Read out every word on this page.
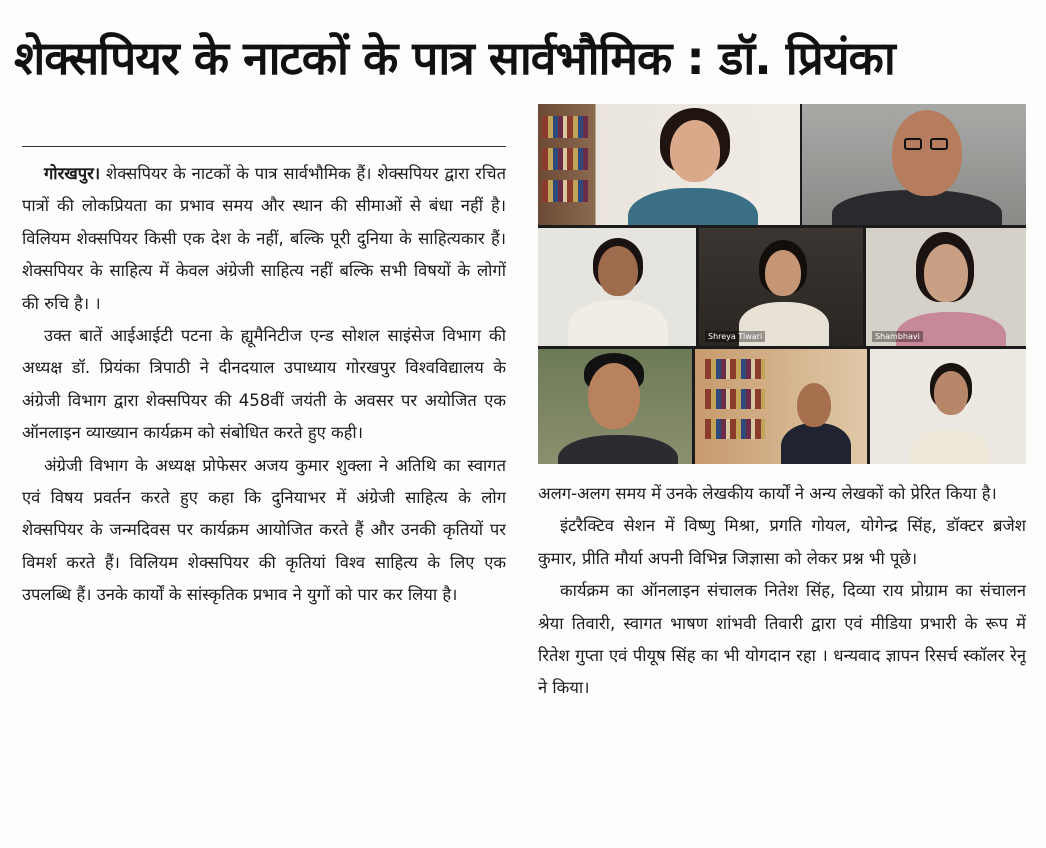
शेक्सपियर के नाटकों के पात्र सार्वभौमिक : डॉ. प्रियंका

गोरखपुर। शेक्सपियर के नाटकों के पात्र सार्वभौमिक हैं। शेक्सपियर द्वारा रचित पात्रों की लोकप्रियता का प्रभाव समय और स्थान की सीमाओं से बंधा नहीं है। विलियम शेक्सपियर किसी एक देश के नहीं, बल्कि पूरी दुनिया के साहित्यकार हैं। शेक्सपियर के साहित्य में केवल अंग्रेजी साहित्य नहीं बल्कि सभी विषयों के लोगों की रुचि है। ।

उक्त बातें आईआईटी पटना के ह्यूमैनिटीज एन्ड सोशल साइंसेज विभाग की अध्यक्ष डॉ. प्रियंका त्रिपाठी ने दीनदयाल उपाध्याय गोरखपुर विश्वविद्यालय के अंग्रेजी विभाग द्वारा शेक्सपियर की 458वीं जयंती के अवसर पर अयोजित एक ऑनलाइन व्याख्यान कार्यक्रम को संबोधित करते हुए कही।

अंग्रेजी विभाग के अध्यक्ष प्रोफेसर अजय कुमार शुक्ला ने अतिथि का स्वागत एवं विषय प्रवर्तन करते हुए कहा कि दुनियाभर में अंग्रेजी साहित्य के लोग शेक्सपियर के जन्मदिवस पर कार्यक्रम आयोजित करते हैं और उनकी कृतियों पर विमर्श करते हैं। विलियम शेक्सपियर की कृतियां विश्व साहित्य के लिए एक उपलब्धि हैं। उनके कार्यों के सांस्कृतिक प्रभाव ने युगों को पार कर लिया है।

Shreya Tiwari	Shambhavi

अलग-अलग समय में उनके लेखकीय कार्यों ने अन्य लेखकों को प्रेरित किया है।

इंटरैक्टिव सेशन में विष्णु मिश्रा, प्रगति गोयल, योगेन्द्र सिंह, डॉक्टर ब्रजेश कुमार, प्रीति मौर्या अपनी विभिन्न जिज्ञासा को लेकर प्रश्न भी पूछे।

कार्यक्रम का ऑनलाइन संचालक नितेश सिंह, दिव्या राय प्रोग्राम का संचालन श्रेया तिवारी, स्वागत भाषण शांभवी तिवारी द्वारा एवं मीडिया प्रभारी के रूप में रितेश गुप्ता एवं पीयूष सिंह का भी योगदान रहा । धन्यवाद ज्ञापन रिसर्च स्कॉलर रेनू ने किया।
